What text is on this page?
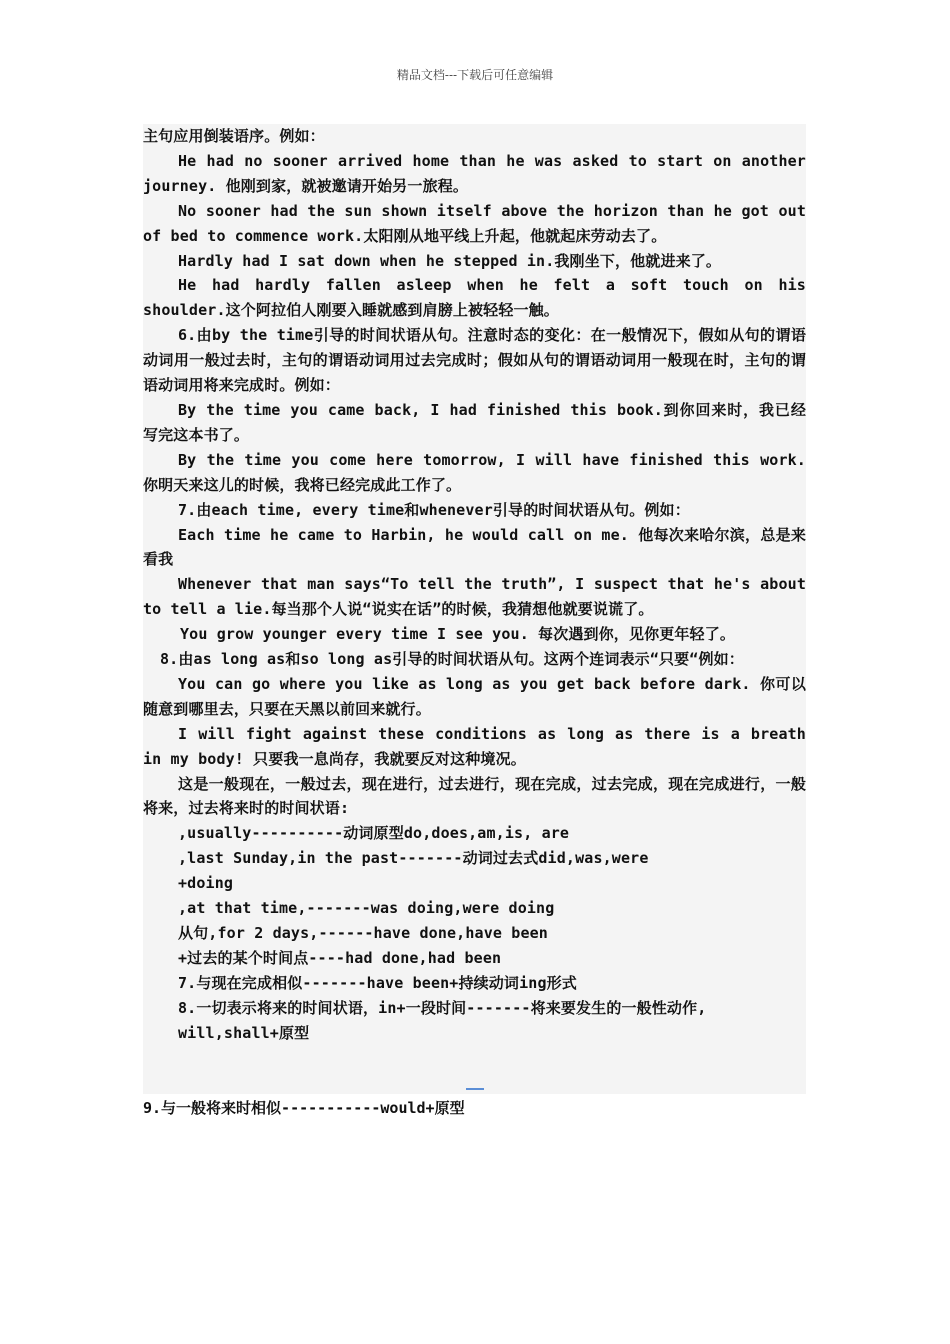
精品文档---下载后可任意编辑

主句应用倒装语序。例如：

He had no sooner arrived home than he was asked to start on another journey. 他刚到家，就被邀请开始另一旅程。

No sooner had the sun shown itself above the horizon than he got out of bed to commence work.太阳刚从地平线上升起，他就起床劳动去了。

Hardly had I sat down when he stepped in.我刚坐下，他就进来了。

He had hardly fallen asleep when he felt a soft touch on his shoulder.这个阿拉伯人刚要入睡就感到肩膀上被轻轻一触。

6.由by the time引导的时间状语从句。注意时态的变化：在一般情况下，假如从句的谓语动词用一般过去时，主句的谓语动词用过去完成时；假如从句的谓语动词用一般现在时，主句的谓语动词用将来完成时。例如：

By the time you came back, I had finished this book.到你回来时，我已经写完这本书了。

By the time you come here tomorrow, I will have finished this work. 你明天来这儿的时候，我将已经完成此工作了。

7.由each time, every time和whenever引导的时间状语从句。例如：

Each time he came to Harbin, he would call on me. 他每次来哈尔滨，总是来看我

Whenever that man says“To tell the truth”, I suspect that he's about to tell a lie.每当那个人说“说实在话”的时候，我猜想他就要说谎了。

You grow younger every time I see you. 每次遇到你，见你更年轻了。

8.由as long as和so long as引导的时间状语从句。这两个连词表示“只要“例如：

You can go where you like as long as you get back before dark. 你可以随意到哪里去，只要在天黑以前回来就行。

I will fight against these conditions as long as there is a breath in my body! 只要我一息尚存，我就要反对这种境况。

这是一般现在，一般过去，现在进行，过去进行，现在完成，过去完成，现在完成进行，一般将来，过去将来时的时间状语:

,usually----------动词原型do,does,am,is, are

,last Sunday,in the past-------动词过去式did,was,were

+doing

,at that time,-------was doing,were doing

从句,for 2 days,------have done,have been

+过去的某个时间点----had done,had been

7.与现在完成相似-------have been+持续动词ing形式

8.一切表示将来的时间状语，in+一段时间-------将来要发生的一般性动作,

will,shall+原型

9.与一般将来时相似-----------would+原型
